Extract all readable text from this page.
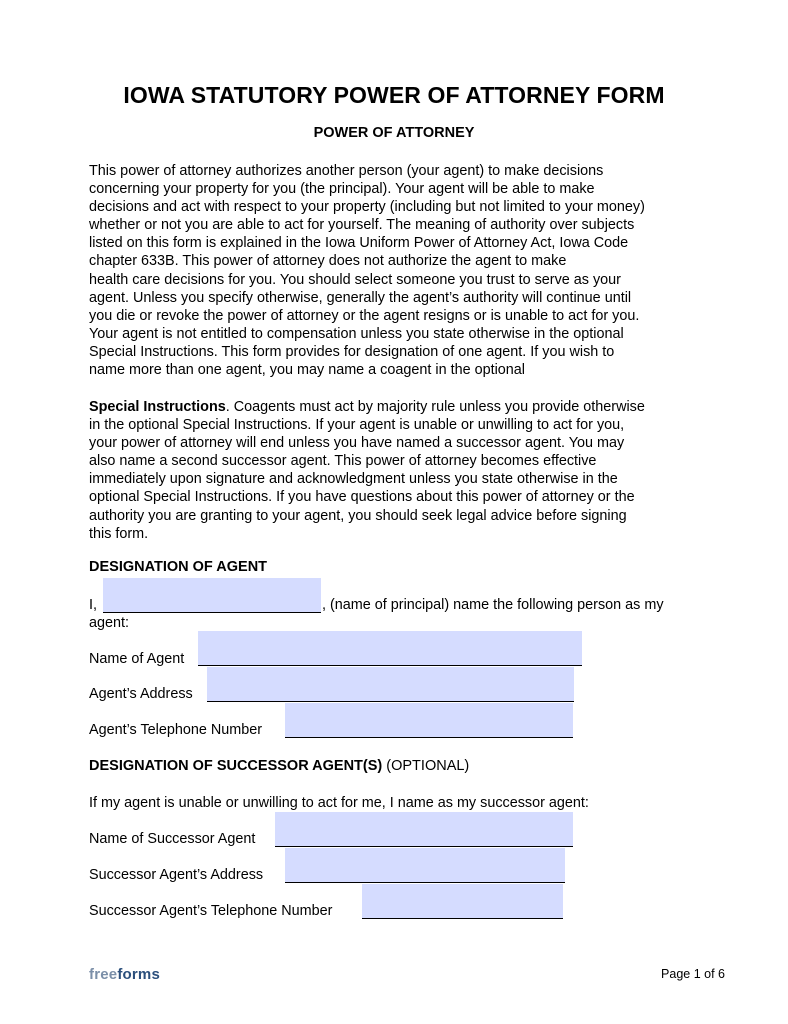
IOWA STATUTORY POWER OF ATTORNEY FORM
POWER OF ATTORNEY
This power of attorney authorizes another person (your agent) to make decisions
concerning your property for you (the principal). Your agent will be able to make
decisions and act with respect to your property (including but not limited to your money)
whether or not you are able to act for yourself. The meaning of authority over subjects
listed on this form is explained in the Iowa Uniform Power of Attorney Act, Iowa Code
chapter 633B. This power of attorney does not authorize the agent to make
health care decisions for you. You should select someone you trust to serve as your
agent. Unless you specify otherwise, generally the agent’s authority will continue until
you die or revoke the power of attorney or the agent resigns or is unable to act for you.
Your agent is not entitled to compensation unless you state otherwise in the optional
Special Instructions. This form provides for designation of one agent. If you wish to
name more than one agent, you may name a coagent in the optional
Special Instructions. Coagents must act by majority rule unless you provide otherwise
in the optional Special Instructions. If your agent is unable or unwilling to act for you,
your power of attorney will end unless you have named a successor agent. You may
also name a second successor agent. This power of attorney becomes effective
immediately upon signature and acknowledgment unless you state otherwise in the
optional Special Instructions. If you have questions about this power of attorney or the
authority you are granting to your agent, you should seek legal advice before signing
this form.
DESIGNATION OF AGENT
I,	, (name of principal) name the following person as my
agent:
Name of Agent
Agent’s Address
Agent’s Telephone Number
DESIGNATION OF SUCCESSOR AGENT(S) (OPTIONAL)
If my agent is unable or unwilling to act for me, I name as my successor agent:
Name of Successor Agent
Successor Agent’s Address
Successor Agent’s Telephone Number
freeforms	Page 1 of 6
